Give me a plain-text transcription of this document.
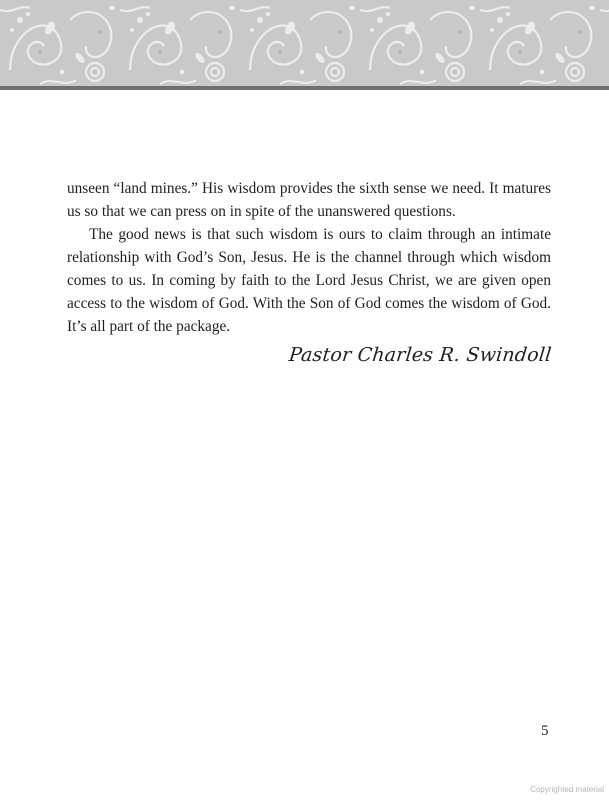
unseen “land mines.” His wisdom provides the sixth sense we need. It matures us so that we can press on in spite of the unanswered questions.

The good news is that such wisdom is ours to claim through an intimate relationship with God’s Son, Jesus. He is the channel through which wisdom comes to us. In coming by faith to the Lord Jesus Christ, we are given open access to the wisdom of God. With the Son of God comes the wisdom of God. It’s all part of the package.

Pastor Charles R. Swindoll
5
Copyrighted material
